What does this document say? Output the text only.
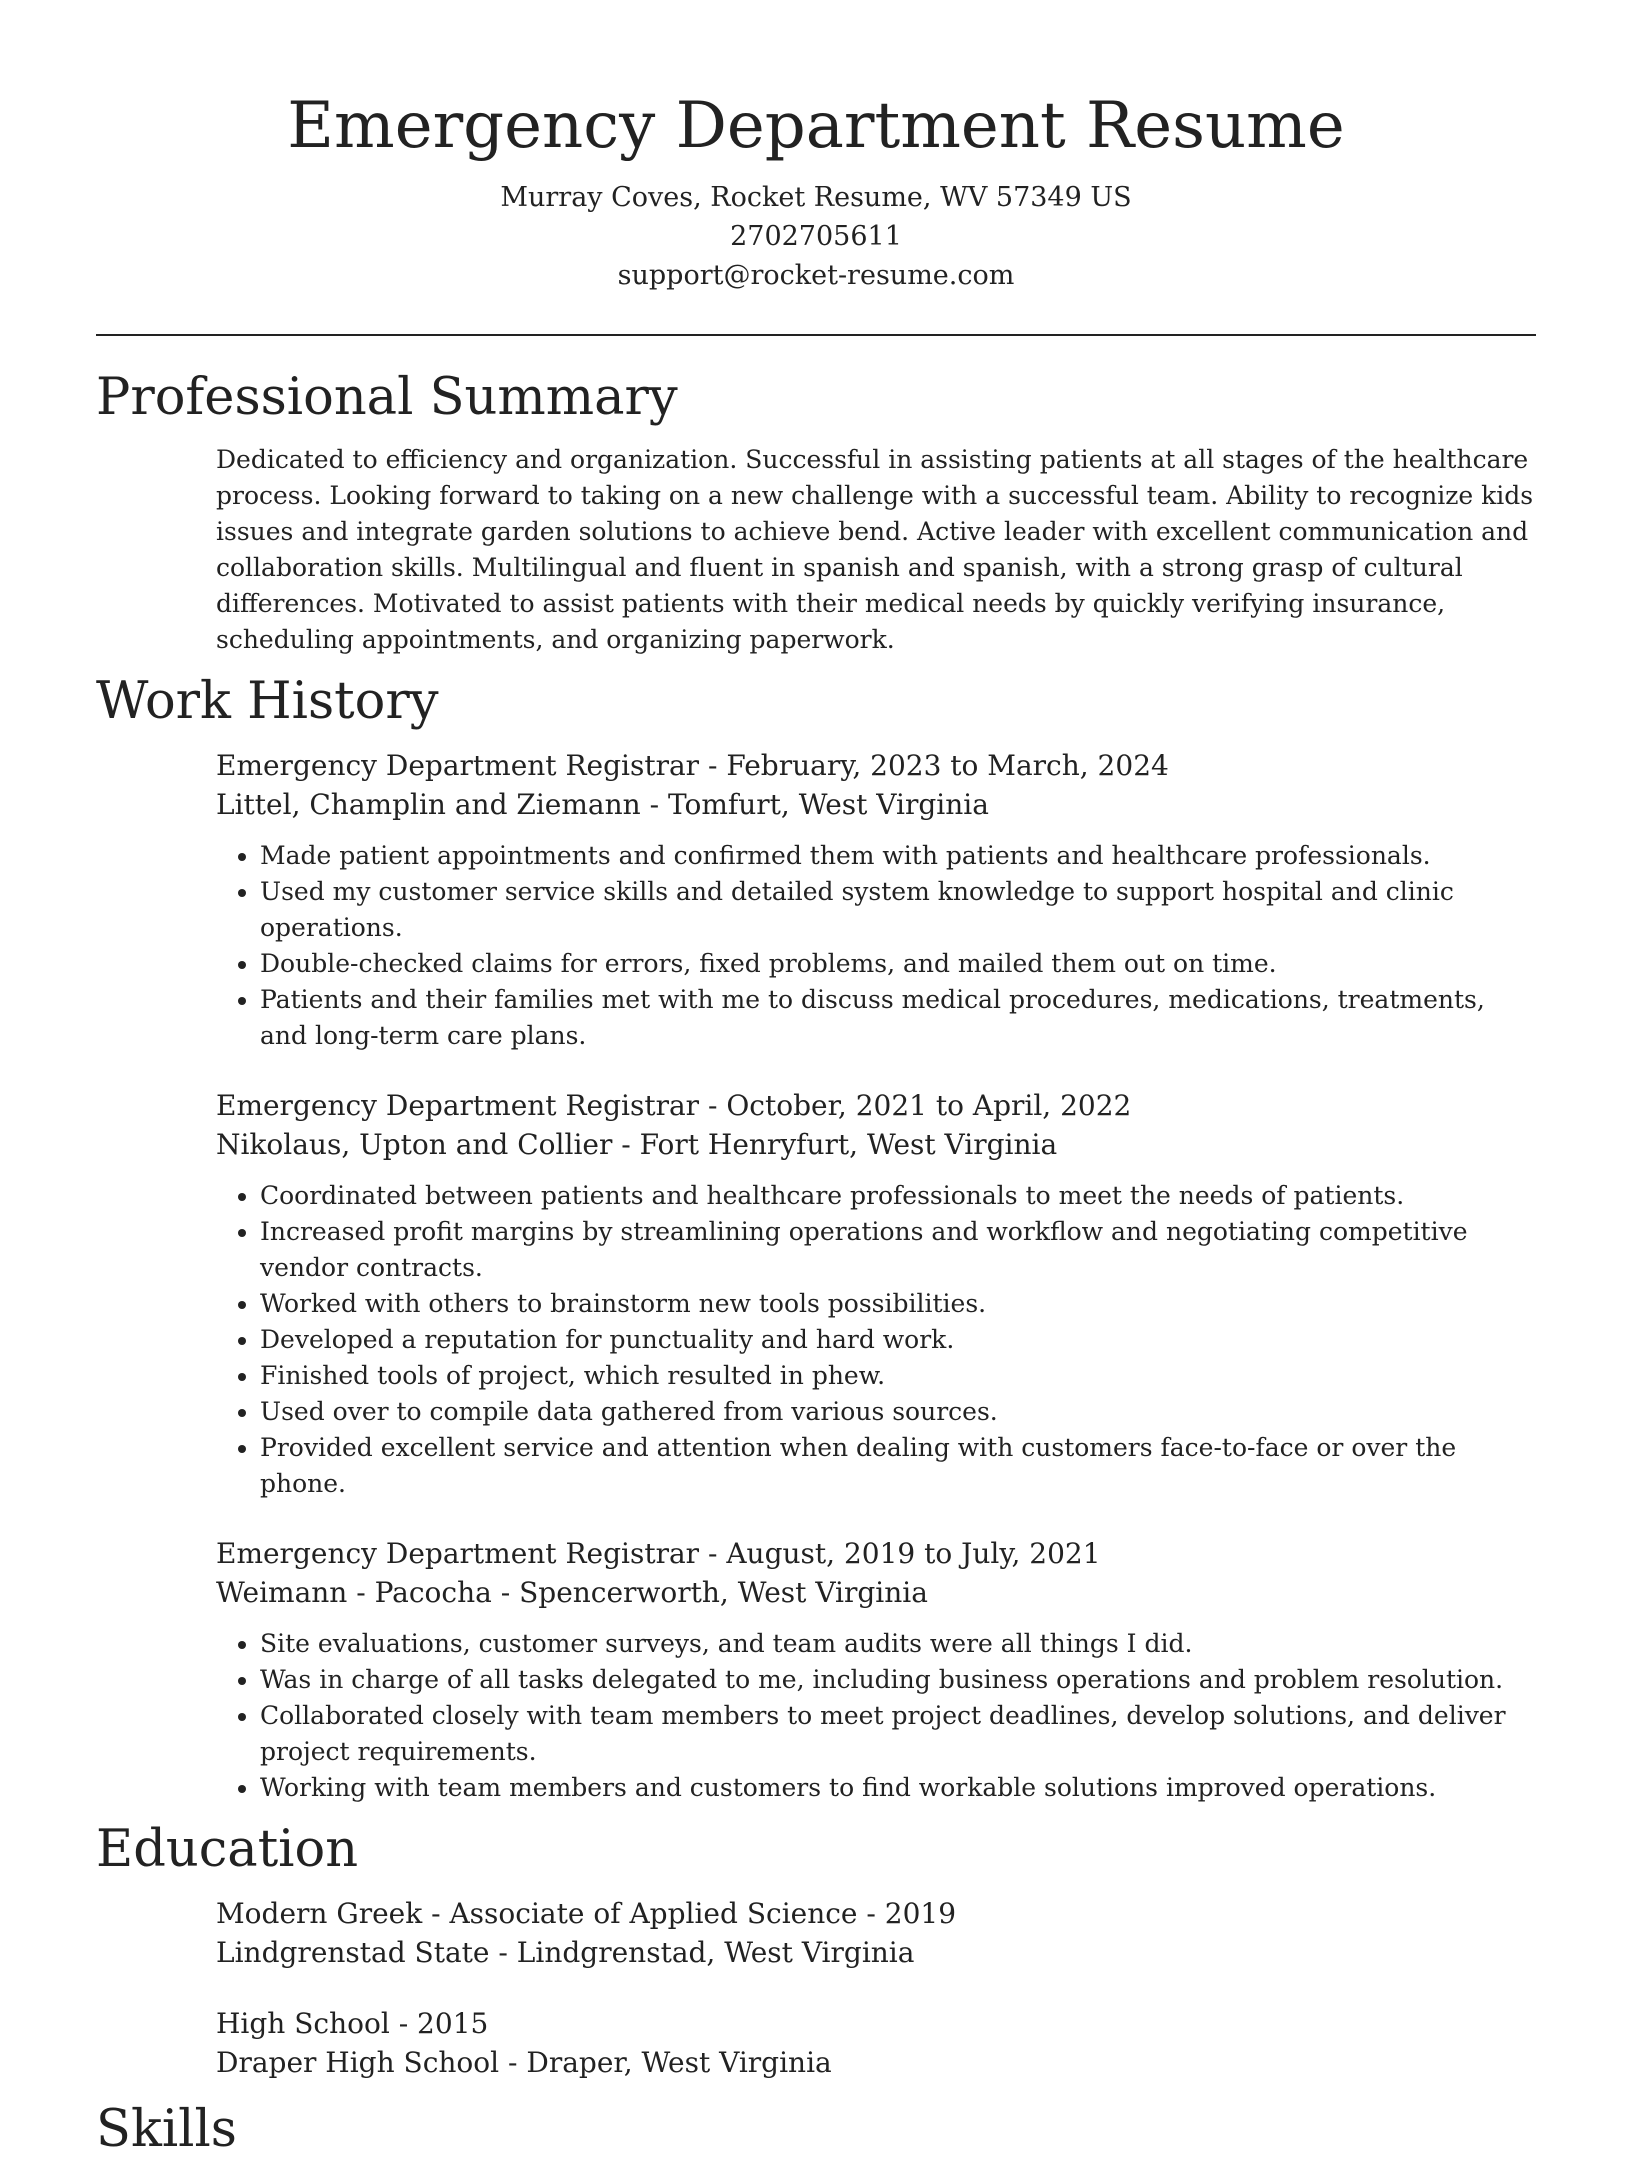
Emergency Department Resume
Murray Coves, Rocket Resume, WV 57349 US
2702705611
support@rocket-resume.com
Professional Summary

Dedicated to efficiency and organization. Successful in assisting patients at all stages of the healthcare process. Looking forward to taking on a new challenge with a successful team. Ability to recognize kids issues and integrate garden solutions to achieve bend. Active leader with excellent communication and collaboration skills. Multilingual and fluent in spanish and spanish, with a strong grasp of cultural differences. Motivated to assist patients with their medical needs by quickly verifying insurance, scheduling appointments, and organizing paperwork.

Work History
Emergency Department Registrar - February, 2023 to March, 2024
Littel, Champlin and Ziemann - Tomfurt, West Virginia
• Made patient appointments and confirmed them with patients and healthcare professionals.
• Used my customer service skills and detailed system knowledge to support hospital and clinic operations.
• Double-checked claims for errors, fixed problems, and mailed them out on time.
• Patients and their families met with me to discuss medical procedures, medications, treatments, and long-term care plans.
Emergency Department Registrar - October, 2021 to April, 2022
Nikolaus, Upton and Collier - Fort Henryfurt, West Virginia
• Coordinated between patients and healthcare professionals to meet the needs of patients.
• Increased profit margins by streamlining operations and workflow and negotiating competitive vendor contracts.
• Worked with others to brainstorm new tools possibilities.
• Developed a reputation for punctuality and hard work.
• Finished tools of project, which resulted in phew.
• Used over to compile data gathered from various sources.
• Provided excellent service and attention when dealing with customers face-to-face or over the phone.
Emergency Department Registrar - August, 2019 to July, 2021
Weimann - Pacocha - Spencerworth, West Virginia
• Site evaluations, customer surveys, and team audits were all things I did.
• Was in charge of all tasks delegated to me, including business operations and problem resolution.
• Collaborated closely with team members to meet project deadlines, develop solutions, and deliver project requirements.
• Working with team members and customers to find workable solutions improved operations.
Education
Modern Greek - Associate of Applied Science - 2019
Lindgrenstad State - Lindgrenstad, West Virginia
High School - 2015
Draper High School - Draper, West Virginia
Skills
